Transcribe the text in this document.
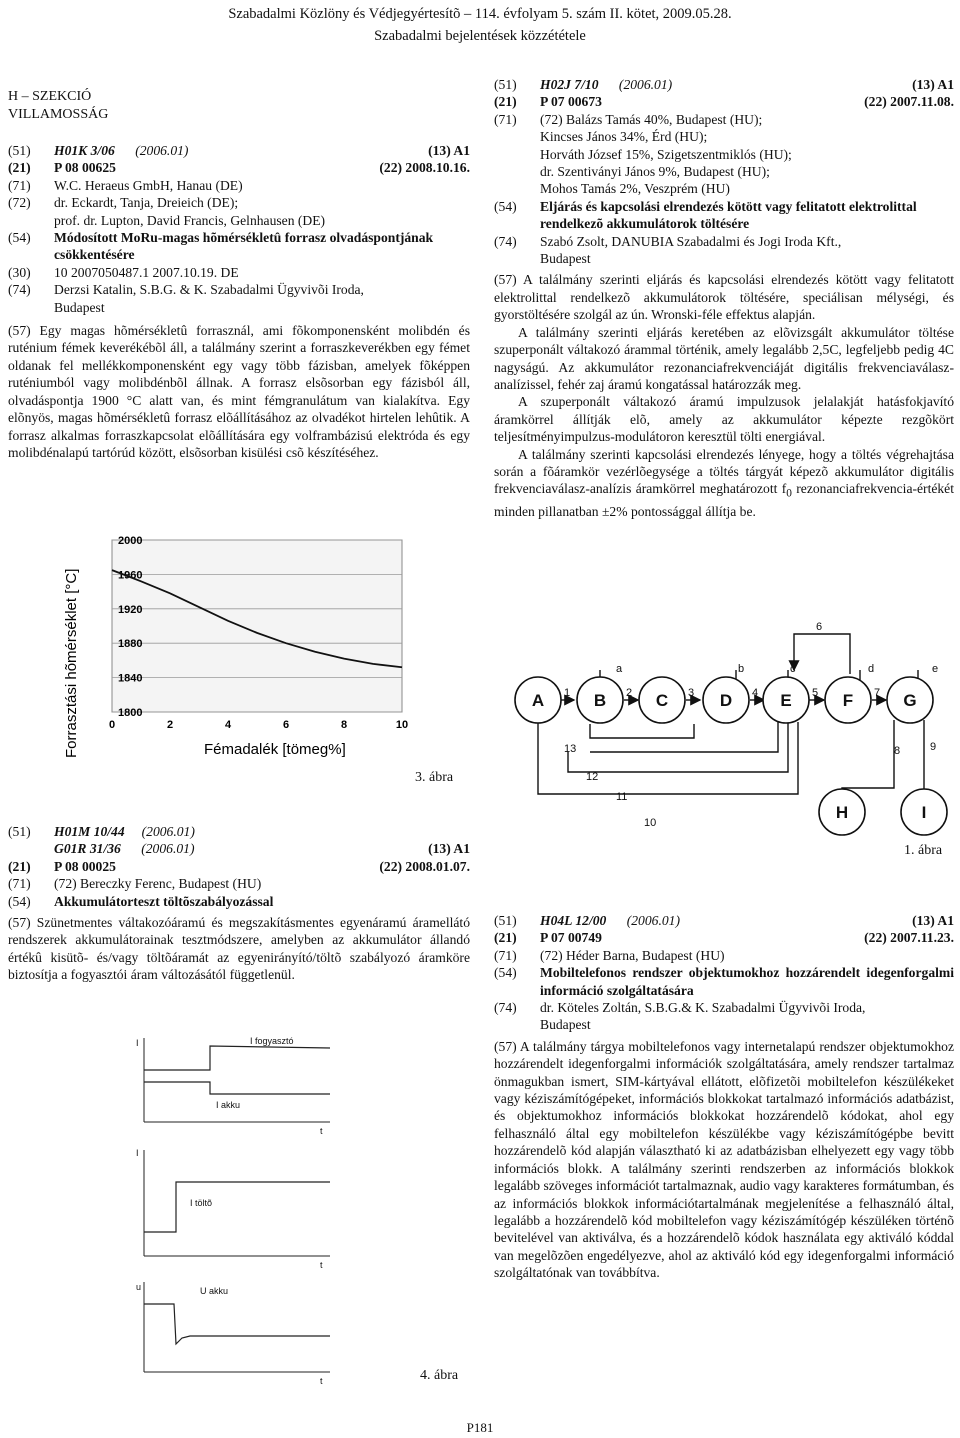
Szabadalmi Közlöny és Védjegyértesítõ – 114. évfolyam 5. szám II. kötet, 2009.05.28.
Szabadalmi bejelentések közzététele
H – SZEKCIÓ
VILLAMOSSÁG
(51)	H01K 3/06 (2006.01)	(13) A1
(21)	P 08 00625	(22) 2008.10.16.
(71)	W.C. Heraeus GmbH, Hanau (DE)
(72)	dr. Eckardt, Tanja, Dreieich (DE);

prof. dr. Lupton, David Francis, Gelnhausen (DE)

(54)	Módosított MoRu-magas hõmérsékletû forrasz olvadáspontjának csökkentésére
(30)	10 2007050487.1 2007.10.19. DE
(74)	Derzsi Katalin, S.B.G. & K. Szabadalmi Ügyvivõi Iroda,

Budapest

(57) Egy magas hõmérsékletû forrasznál, ami fõkomponensként molibdén és ruténium fémek keverékébõl áll, a találmány szerint a forraszkeverékben egy fémet oldanak fel mellékkomponensként egy vagy több fázisban, amelyek fõképpen ruténiumból vagy molibdénbõl állnak. A forrasz elsõsorban egy fázisból áll, olvadáspontja 1900 °C alatt van, és mint fémgranulátum van kialakítva. Egy elõnyös, magas hõmérsékletû forrasz elõállításához az olvadékot hirtelen lehûtik. A forrasz alkalmas forraszkapcsolat elõállítására egy volframbázisú elektróda és egy molibdénalapú tartórúd között, elsõsorban kisülési csõ készítéséhez.

Forrasztási hõmérséklet [°C]	1800
1840
1880
1920
1960
2000
0	2	4	6	8	10
Fémadalék [tömeg%]
3. ábra
(51)	H01M 10/44 (2006.01)
G01R 31/36 (2006.01)	(13) A1
(21)	P 08 00025	(22) 2008.01.07.
(71)	(72) Bereczky Ferenc, Budapest (HU)
(54)	Akkumulátorteszt töltõszabályozással

(57) Szünetmentes váltakozóáramú és megszakításmentes egyenáramú áramellátó rendszerek akkumulátorainak tesztmódszere, amelyben az akkumulátor állandó értékû kisütõ- és/vagy töltõáramát az egyenirányító/töltõ szabályozó áramköre biztosítja a fogyasztói áram változásától függetlenül.

I	I fogyasztó
I akku
t
I
I töltõ
t
u	U akku
t	4. ábra
(51)	H02J 7/10 (2006.01)	(13) A1
(21)	P 07 00673	(22) 2007.11.08.
(71)	(72) Balázs Tamás 40%, Budapest (HU);

Kincses János 34%, Érd (HU);

Horváth József 15%, Szigetszentmiklós (HU);

dr. Szentiványi János 9%, Budapest (HU);

Mohos Tamás 2%, Veszprém (HU)

(54)	Eljárás és kapcsolási elrendezés kötött vagy felitatott elektrolittal rendelkezõ akkumulátorok töltésére
(74)	Szabó Zsolt, DANUBIA Szabadalmi és Jogi Iroda Kft.,

Budapest

(57) A találmány szerinti eljárás és kapcsolási elrendezés kötött vagy felitatott elektrolittal rendelkezõ akkumulátorok töltésére, speciálisan mélységi, és gyorstöltésére szolgál az ún. Wronski-féle effektus alapján.

A találmány szerinti eljárás keretében az elõvizsgált akkumulátor töltése szuperponált váltakozó árammal történik, amely legalább 2,5C, legfeljebb pedig 4C nagyságú. Az akkumulátor rezonanciafrekvenciáját digitális frekvenciaválasz-analízissel, fehér zaj áramú kongatással határozzák meg.

A szuperponált váltakozó áramú impulzusok jelalakját hatásfokjavító áramkörrel állítják elõ, amely az akkumulátor képezte rezgõkört teljesítményimpulzus-modulátoron keresztül tölti energiával.

A találmány szerinti kapcsolási elrendezés lényege, hogy a töltés végrehajtása során a fõáramkör vezérlõegysége a töltés tárgyát képezõ akkumulátor digitális frekvenciaválasz-analízis áramkörrel meghatározott $f_0$ rezonanciafrekvencia-értékét minden pillanatban ±2% pontossággal állítja be.

A	B	C	D	E	F	G
H	I
1	2	3	4	5
6
7
8	9
10
11
12
13
a	b	c	d	e
1. ábra
(51)	H04L 12/00 (2006.01)	(13) A1
(21)	P 07 00749	(22) 2007.11.23.
(71)	(72) Héder Barna, Budapest (HU)
(54)	Mobiltelefonos rendszer objektumokhoz hozzárendelt idegenforgalmi információ szolgáltatására
(74)	dr. Köteles Zoltán, S.B.G.& K. Szabadalmi Ügyvivõi Iroda,

Budapest

(57) A találmány tárgya mobiltelefonos vagy internetalapú rendszer objektumokhoz hozzárendelt idegenforgalmi információk szolgáltatására, amely rendszer tartalmaz önmagukban ismert, SIM-kártyával ellátott, elõfizetõi mobiltelefon készülékeket vagy kéziszámítógépeket, információs blokkokat tartalmazó információs adatbázist, és objektumokhoz információs blokkokat hozzárendelõ kódokat, ahol egy felhasználó által egy mobiltelefon készülékbe vagy kéziszámítógépbe bevitt hozzárendelõ kód alapján választható ki az adatbázisban elhelyezett egy vagy több információs blokk. A találmány szerinti rendszerben az információs blokkok legalább szöveges információt tartalmaznak, audio vagy karakteres formátumban, és az információs blokkok információtartalmának megjelenítése a felhasználó által, legalább a hozzárendelõ kód mobiltelefon vagy kéziszámítógép készüléken történõ bevitelével van aktiválva, és a hozzárendelõ kódok használata egy aktiváló kóddal van megelõzõen engedélyezve, ahol az aktiváló kód egy idegenforgalmi információ szolgáltatónak van továbbítva.

P181
